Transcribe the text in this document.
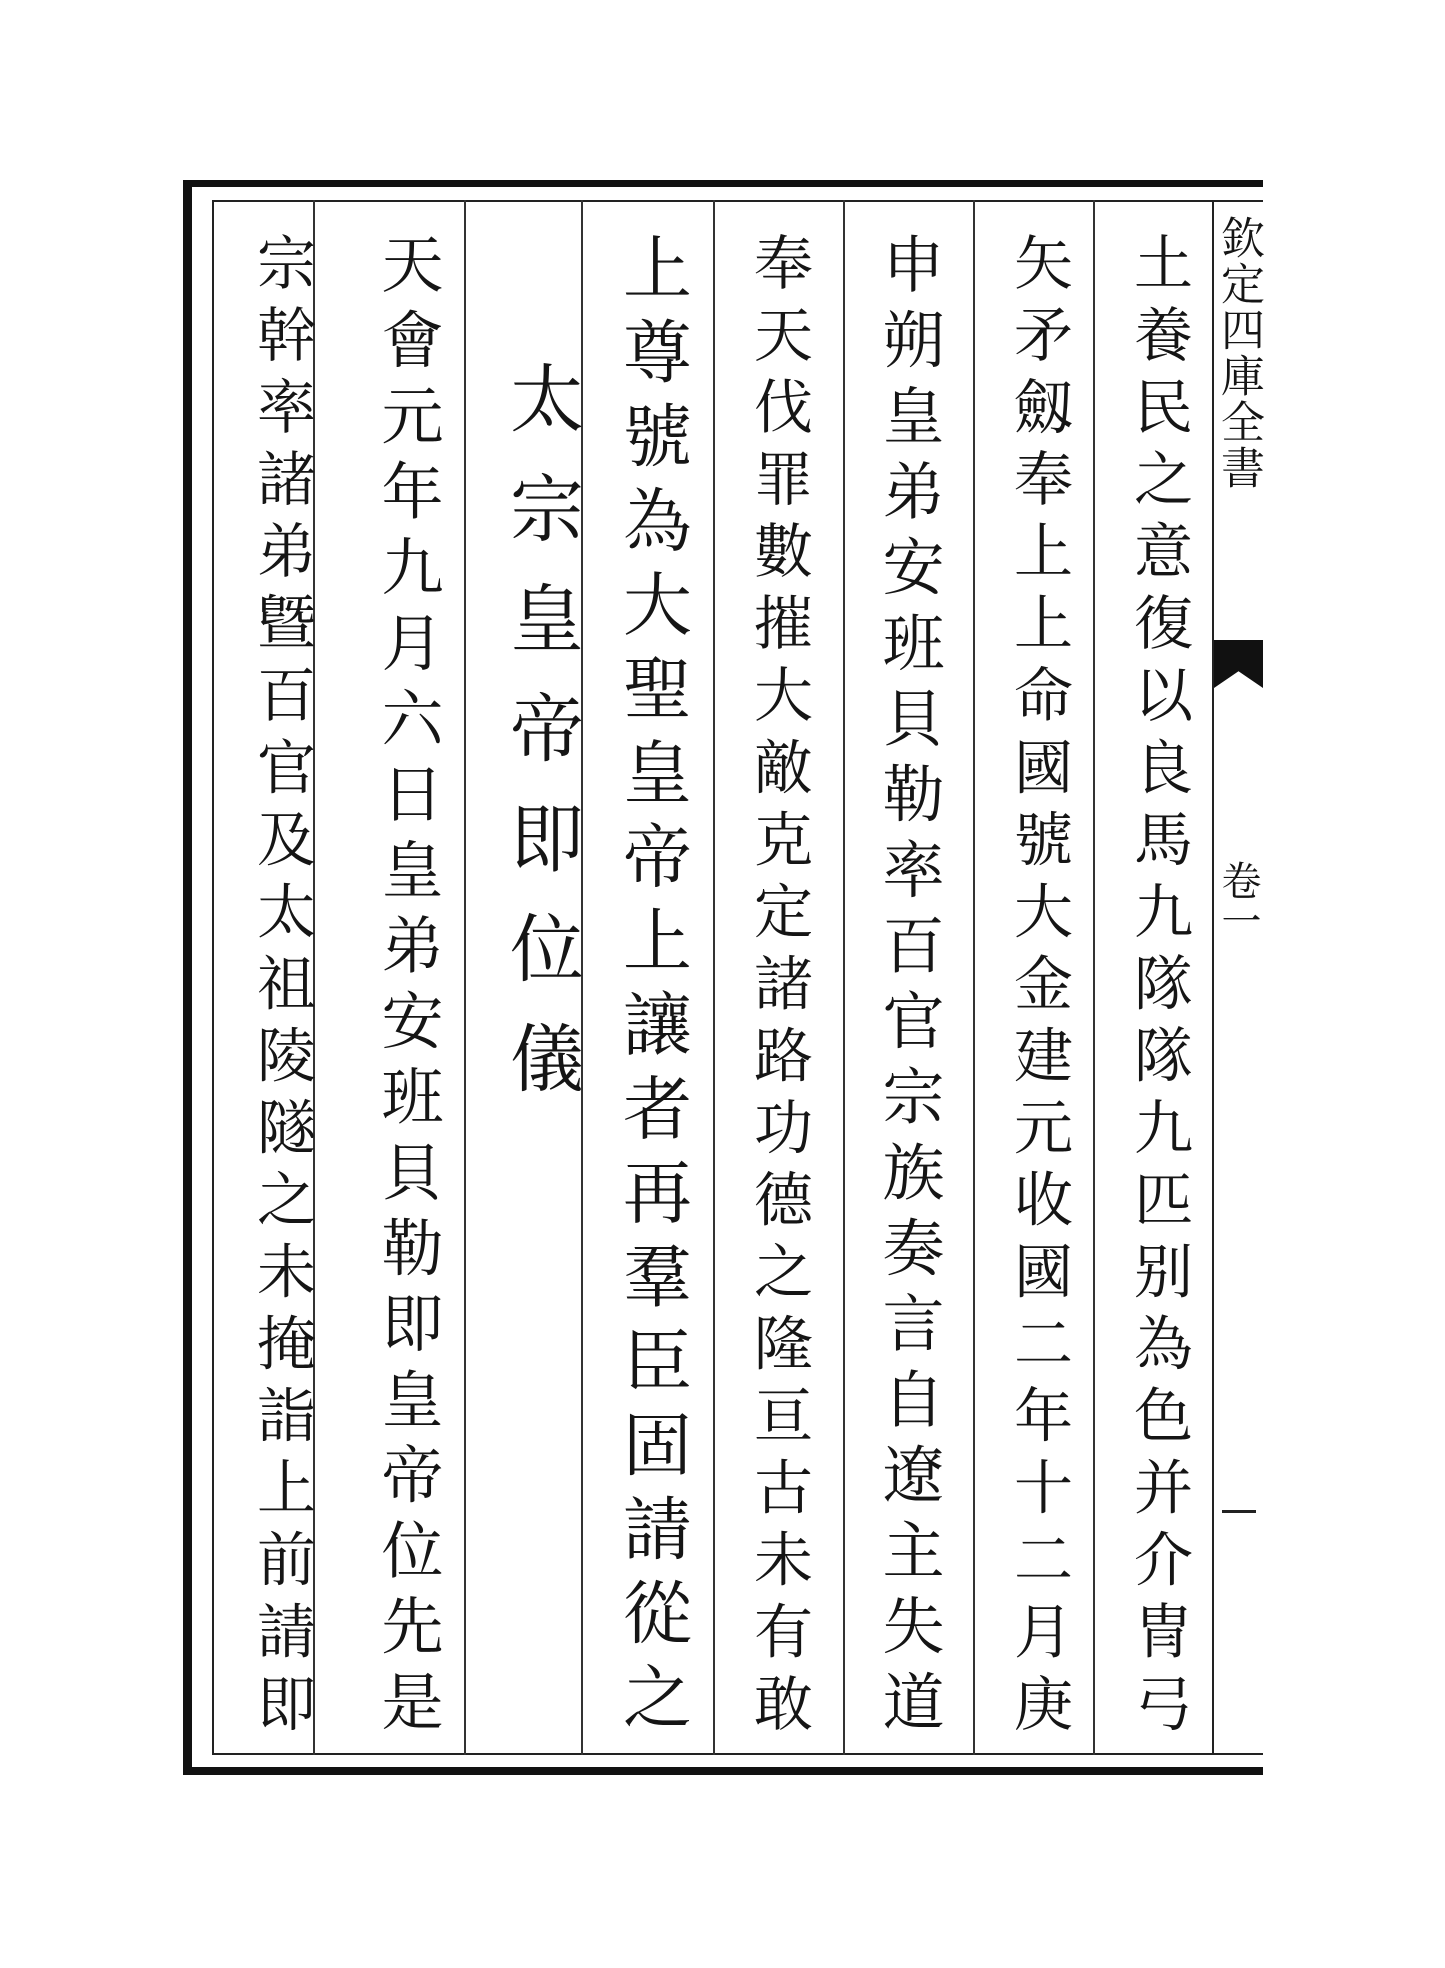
欽定四庫全書
卷一
土養民之意復以良馬九隊隊九匹别為色并介冑弓
矢矛劔奉上上命國號大金建元收國二年十二月庚
申朔皇弟安班貝勒率百官宗族奏言自遼主失道
奉天伐罪數摧大敵克定諸路功德之隆亘古未有敢
上尊號為大聖皇帝上讓者再羣臣固請從之
太宗皇帝即位儀
天會元年九月六日皇弟安班貝勒即皇帝位先是
宗幹率諸弟曁百官及太祖陵隧之未掩詣上前請即
